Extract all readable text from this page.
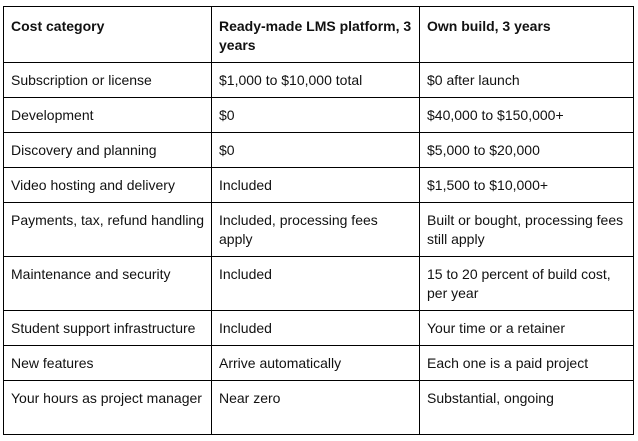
Cost category	Ready-made LMS platform, 3 years	Own build, 3 years
Subscription or license	$1,000 to $10,000 total	$0 after launch
Development	$0	$40,000 to $150,000+
Discovery and planning	$0	$5,000 to $20,000
Video hosting and delivery	Included	$1,500 to $10,000+
Payments, tax, refund handling	Included, processing fees apply	Built or bought, processing fees still apply
Maintenance and security	Included	15 to 20 percent of build cost, per year
Student support infrastructure	Included	Your time or a retainer
New features	Arrive automatically	Each one is a paid project
Your hours as project manager	Near zero	Substantial, ongoing
